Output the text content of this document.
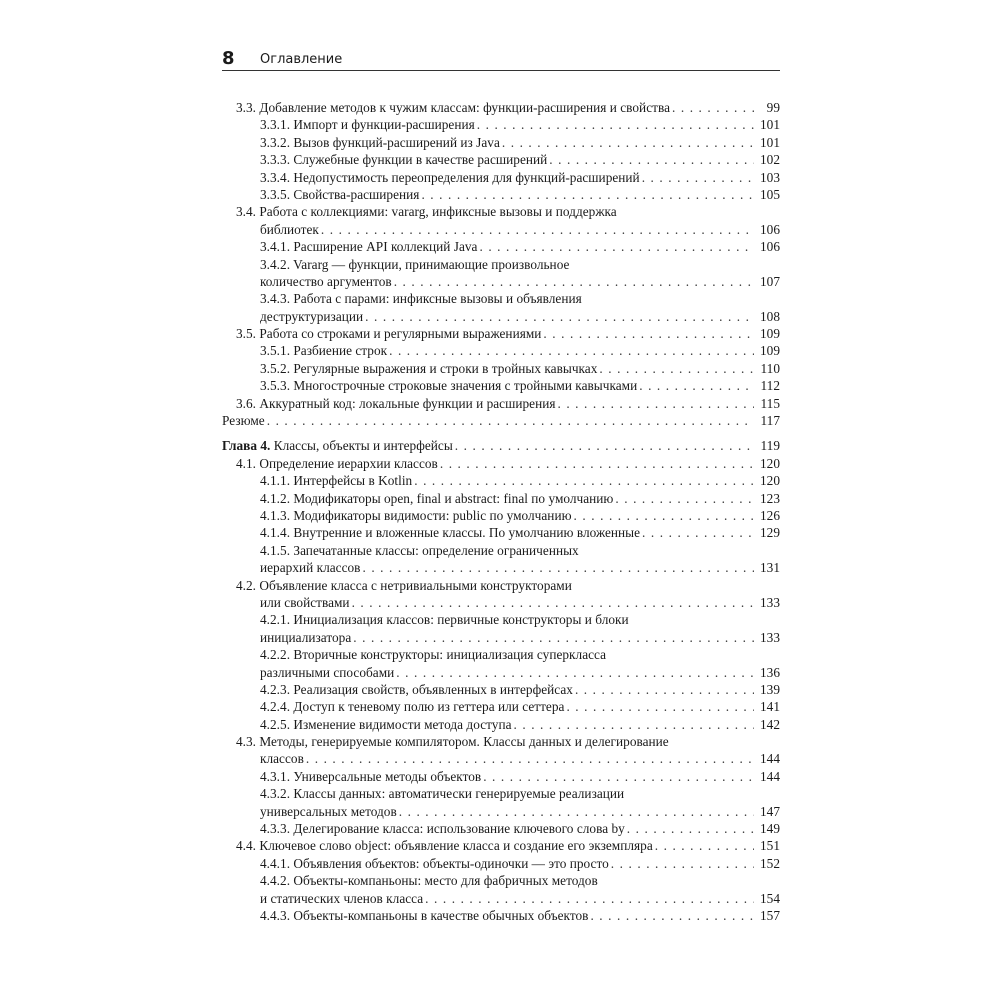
8 Оглавление
3.3. Добавление методов к чужим классам: функции-расширения и свойства . . .	99
3.3.1. Импорт и функции-расширения . . .	101
3.3.2. Вызов функций-расширений из Java . . .	101
3.3.3. Служебные функции в качестве расширений . . .	102
3.3.4. Недопустимость переопределения для функций-расширений . . .	103
3.3.5. Свойства-расширения . . .	105
3.4. Работа с коллекциями: vararg, инфиксные вызовы и поддержка
библиотек . . .	106
3.4.1. Расширение API коллекций Java . . .	106
3.4.2. Vararg — функции, принимающие произвольное
количество аргументов . . .	107
3.4.3. Работа с парами: инфиксные вызовы и объявления
деструктуризации . . .	108
3.5. Работа со строками и регулярными выражениями . . .	109
3.5.1. Разбиение строк . . .	109
3.5.2. Регулярные выражения и строки в тройных кавычках . . .	110
3.5.3. Многострочные строковые значения с тройными кавычками . . .	112
3.6. Аккуратный код: локальные функции и расширения . . .	115
Резюме . . .	117
Глава 4. Классы, объекты и интерфейсы . . .	119
4.1. Определение иерархии классов . . .	120
4.1.1. Интерфейсы в Kotlin . . .	120
4.1.2. Модификаторы open, final и abstract: final по умолчанию . . .	123
4.1.3. Модификаторы видимости: public по умолчанию . . .	126
4.1.4. Внутренние и вложенные классы. По умолчанию вложенные . . .	129
4.1.5. Запечатанные классы: определение ограниченных
иерархий классов . . .	131
4.2. Объявление класса с нетривиальными конструкторами
или свойствами . . .	133
4.2.1. Инициализация классов: первичные конструкторы и блоки
инициализатора . . .	133
4.2.2. Вторичные конструкторы: инициализация суперкласса
различными способами . . .	136
4.2.3. Реализация свойств, объявленных в интерфейсах . . .	139
4.2.4. Доступ к теневому полю из геттера или сеттера . . .	141
4.2.5. Изменение видимости метода доступа . . .	142
4.3. Методы, генерируемые компилятором. Классы данных и делегирование
классов . . .	144
4.3.1. Универсальные методы объектов . . .	144
4.3.2. Классы данных: автоматически генерируемые реализации
универсальных методов . . .	147
4.3.3. Делегирование класса: использование ключевого слова by . . .	149
4.4. Ключевое слово object: объявление класса и создание его экземпляра . . .	151
4.4.1. Объявления объектов: объекты-одиночки — это просто . . .	152
4.4.2. Объекты-компаньоны: место для фабричных методов
и статических членов класса . . .	154
4.4.3. Объекты-компаньоны в качестве обычных объектов . . .	157
